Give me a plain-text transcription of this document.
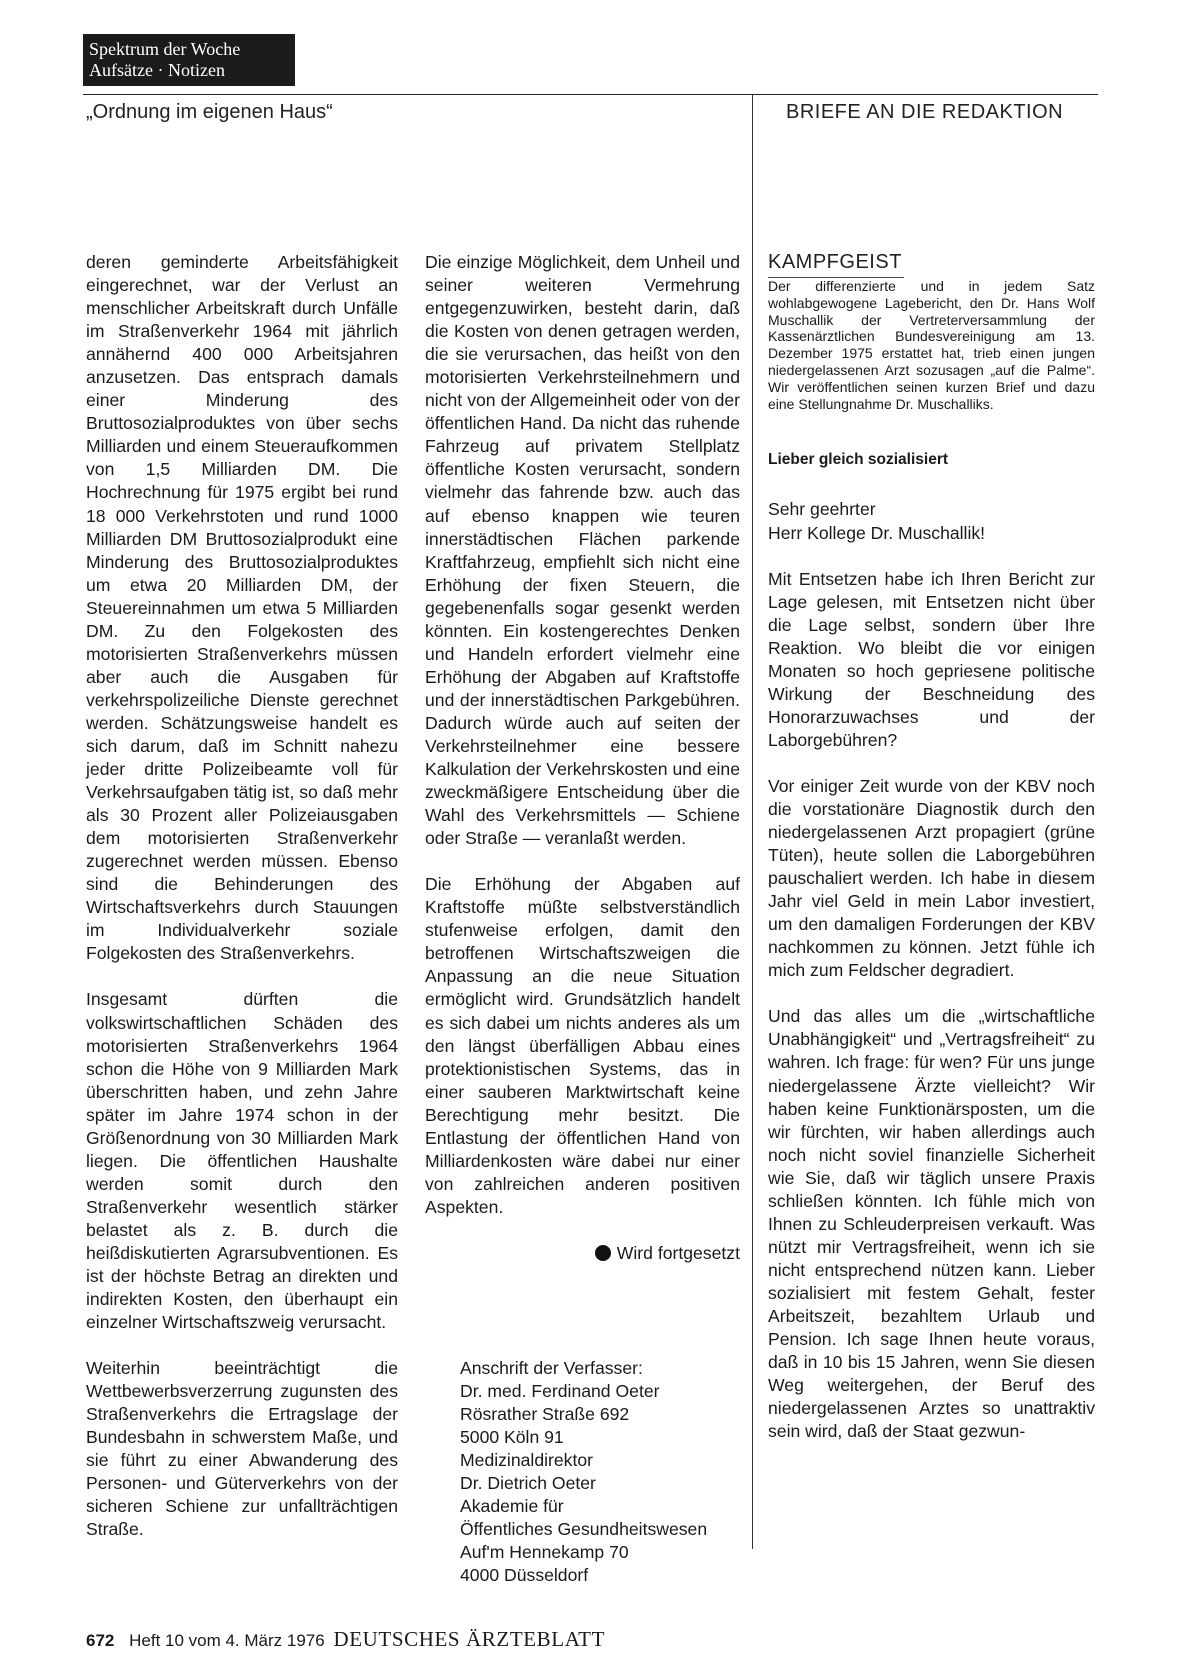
Spektrum der Woche
Aufsätze · Notizen
„Ordnung im eigenen Haus“	BRIEFE AN DIE REDAKTION

deren geminderte Arbeitsfähigkeit eingerechnet, war der Verlust an menschlicher Arbeitskraft durch Unfälle im Straßenverkehr 1964 mit jährlich annähernd 400 000 Arbeitsjahren anzusetzen. Das entsprach damals einer Minderung des Bruttosozialproduktes von über sechs Milliarden und einem Steueraufkommen von 1,5 Milliarden DM. Die Hochrechnung für 1975 ergibt bei rund 18 000 Verkehrstoten und rund 1000 Milliarden DM Bruttosozialprodukt eine Minderung des Bruttosozialproduktes um etwa 20 Milliarden DM, der Steuereinnahmen um etwa 5 Milliarden DM. Zu den Folgekosten des motorisierten Straßenverkehrs müssen aber auch die Ausgaben für verkehrspolizeiliche Dienste gerechnet werden. Schätzungsweise handelt es sich darum, daß im Schnitt nahezu jeder dritte Polizeibeamte voll für Verkehrsaufgaben tätig ist, so daß mehr als 30 Prozent aller Polizeiausgaben dem motorisierten Straßenverkehr zugerechnet werden müssen. Ebenso sind die Behinderungen des Wirtschaftsverkehrs durch Stauungen im Individualverkehr soziale Folgekosten des Straßenverkehrs.

Insgesamt dürften die volkswirtschaftlichen Schäden des motorisierten Straßenverkehrs 1964 schon die Höhe von 9 Milliarden Mark überschritten haben, und zehn Jahre später im Jahre 1974 schon in der Größenordnung von 30 Milliarden Mark liegen. Die öffentlichen Haushalte werden somit durch den Straßenverkehr wesentlich stärker belastet als z. B. durch die heißdiskutierten Agrarsubventionen. Es ist der höchste Betrag an direkten und indirekten Kosten, den überhaupt ein einzelner Wirtschaftszweig verursacht.

Weiterhin beeinträchtigt die Wettbewerbsverzerrung zugunsten des Straßenverkehrs die Ertragslage der Bundesbahn in schwerstem Maße, und sie führt zu einer Abwanderung des Personen- und Güterverkehrs von der sicheren Schiene zur unfallträchtigen Straße.

Die einzige Möglichkeit, dem Unheil und seiner weiteren Vermehrung entgegenzuwirken, besteht darin, daß die Kosten von denen getragen werden, die sie verursachen, das heißt von den motorisierten Verkehrsteilnehmern und nicht von der Allgemeinheit oder von der öffentlichen Hand. Da nicht das ruhende Fahrzeug auf privatem Stellplatz öffentliche Kosten verursacht, sondern vielmehr das fahrende bzw. auch das auf ebenso knappen wie teuren innerstädtischen Flächen parkende Kraftfahrzeug, empfiehlt sich nicht eine Erhöhung der fixen Steuern, die gegebenenfalls sogar gesenkt werden könnten. Ein kostengerechtes Denken und Handeln erfordert vielmehr eine Erhöhung der Abgaben auf Kraftstoffe und der innerstädtischen Parkgebühren. Dadurch würde auch auf seiten der Verkehrsteilnehmer eine bessere Kalkulation der Verkehrskosten und eine zweckmäßigere Entscheidung über die Wahl des Verkehrsmittels — Schiene oder Straße — veranlaßt werden.

Die Erhöhung der Abgaben auf Kraftstoffe müßte selbstverständlich stufenweise erfolgen, damit den betroffenen Wirtschaftszweigen die Anpassung an die neue Situation ermöglicht wird. Grundsätzlich handelt es sich dabei um nichts anderes als um den längst überfälligen Abbau eines protektionistischen Systems, das in einer sauberen Marktwirtschaft keine Berechtigung mehr besitzt. Die Entlastung der öffentlichen Hand von Milliardenkosten wäre dabei nur einer von zahlreichen anderen positiven Aspekten.

Wird fortgesetzt
Anschrift der Verfasser:
Dr. med. Ferdinand Oeter
Rösrather Straße 692
5000 Köln 91
Medizinaldirektor
Dr. Dietrich Oeter
Akademie für
Öffentliches Gesundheitswesen
Auf'm Hennekamp 70
4000 Düsseldorf
KAMPFGEIST

Der differenzierte und in jedem Satz wohlabgewogene Lagebericht, den Dr. Hans Wolf Muschallik der Vertreterversammlung der Kassenärztlichen Bundesvereinigung am 13. Dezember 1975 erstattet hat, trieb einen jungen niedergelassenen Arzt sozusagen „auf die Palme“. Wir veröffentlichen seinen kurzen Brief und dazu eine Stellungnahme Dr. Muschalliks.

Lieber gleich sozialisiert

Sehr geehrter
Herr Kollege Dr. Muschallik!

Mit Entsetzen habe ich Ihren Bericht zur Lage gelesen, mit Entsetzen nicht über die Lage selbst, sondern über Ihre Reaktion. Wo bleibt die vor einigen Monaten so hoch gepriesene politische Wirkung der Beschneidung des Honorarzuwachses und der Laborgebühren?

Vor einiger Zeit wurde von der KBV noch die vorstationäre Diagnostik durch den niedergelassenen Arzt propagiert (grüne Tüten), heute sollen die Laborgebühren pauschaliert werden. Ich habe in diesem Jahr viel Geld in mein Labor investiert, um den damaligen Forderungen der KBV nachkommen zu können. Jetzt fühle ich mich zum Feldscher degradiert.

Und das alles um die „wirtschaftliche Unabhängigkeit“ und „Vertragsfreiheit“ zu wahren. Ich frage: für wen? Für uns junge niedergelassene Ärzte vielleicht? Wir haben keine Funktionärsposten, um die wir fürchten, wir haben allerdings auch noch nicht soviel finanzielle Sicherheit wie Sie, daß wir täglich unsere Praxis schließen könnten. Ich fühle mich von Ihnen zu Schleuderpreisen verkauft. Was nützt mir Vertragsfreiheit, wenn ich sie nicht entsprechend nützen kann. Lieber sozialisiert mit festem Gehalt, fester Arbeitszeit, bezahltem Urlaub und Pension. Ich sage Ihnen heute voraus, daß in 10 bis 15 Jahren, wenn Sie diesen Weg weitergehen, der Beruf des niedergelassenen Arztes so unattraktiv sein wird, daß der Staat gezwun-

672 Heft 10 vom 4. März 1976 DEUTSCHES ÄRZTEBLATT
